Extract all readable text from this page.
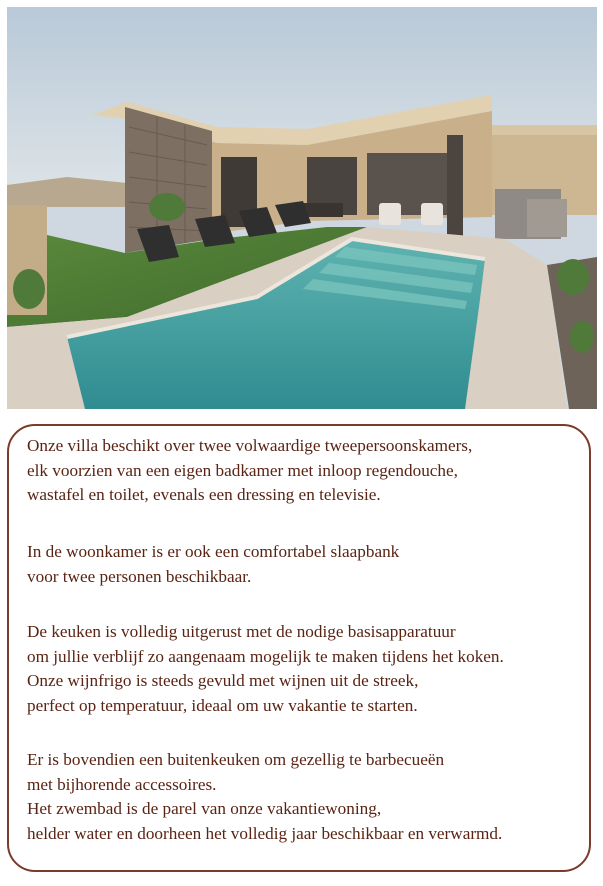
Onze villa beschikt over twee volwaardige tweepersoonskamers,
elk voorzien van een eigen badkamer met inloop regendouche,
wastafel en toilet, evenals een dressing en televisie.

In de woonkamer is er ook een comfortabel slaapbank
voor twee personen beschikbaar.

De keuken is volledig uitgerust met de nodige basisapparatuur
om jullie verblijf zo aangenaam mogelijk te maken tijdens het koken.
Onze wijnfrigo is steeds gevuld met wijnen uit de streek,
perfect op temperatuur, ideaal om uw vakantie te starten.

Er is bovendien een buitenkeuken om gezellig te barbecueën
met bijhorende accessoires.
Het zwembad is de parel van onze vakantiewoning,
helder water en doorheen het volledig jaar beschikbaar en verwarmd.
